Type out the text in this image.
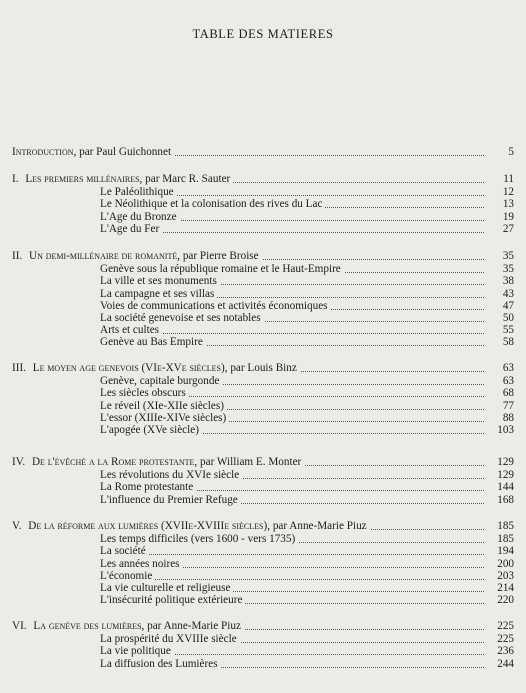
TABLE DES MATIERES
Introduction, par Paul Guichonnet	5
I. Les premiers millénaires, par Marc R. Sauter	11
Le Paléolithique	12
Le Néolithique et la colonisation des rives du Lac	13
L'Age du Bronze	19
L'Age du Fer	27
II. Un demi-millénaire de romanité, par Pierre Broise	35
Genève sous la république romaine et le Haut-Empire	35
La ville et ses monuments	38
La campagne et ses villas	43
Voies de communications et activités économiques	47
La société genevoise et ses notables	50
Arts et cultes	55
Genève au Bas Empire	58
III. Le moyen age genevois (VIe-XVe siècles), par Louis Binz	63
Genève, capitale burgonde	63
Les siècles obscurs	68
Le réveil (XIe-XIIe siècles)	77
L'essor (XIIIe-XIVe siècles)	88
L'apogée (XVe siècle)	103
IV. De l'évêché a la Rome protestante, par William E. Monter	129
Les révolutions du XVIe siècle	129
La Rome protestante	144
L'influence du Premier Refuge	168
V. De la réforme aux lumières (XVIIe-XVIIIe siècles), par Anne-Marie Piuz	185
Les temps difficiles (vers 1600 - vers 1735)	185
La société	194
Les années noires	200
L'économie	203
La vie culturelle et religieuse	214
L'insécurité politique extérieure	220
VI. La genève des lumières, par Anne-Marie Piuz	225
La prospérité du XVIIIe siècle	225
La vie politique	236
La diffusion des Lumières	244
